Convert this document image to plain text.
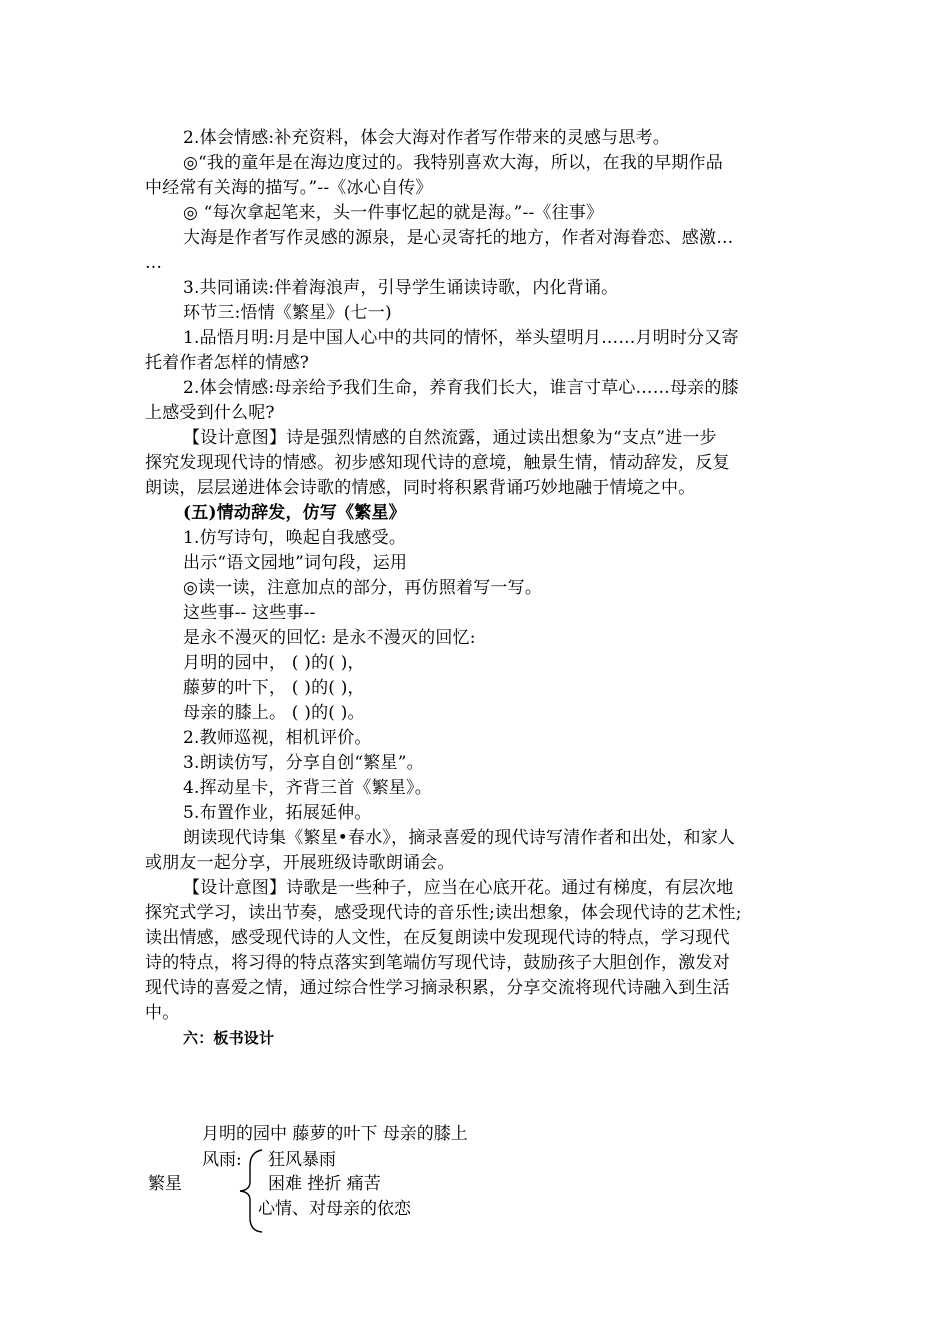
2.体会情感:补充资料，体会大海对作者写作带来的灵感与思考。
◎“我的童年是在海边度过的。我特别喜欢大海，所以，在我的早期作品
中经常有关海的描写。”--《冰心自传》
◎ “每次拿起笔来，头一件事忆起的就是海。”--《往事》
大海是作者写作灵感的源泉，是心灵寄托的地方，作者对海眷恋、感激…
…
3.共同诵读:伴着海浪声，引导学生诵读诗歌，内化背诵。
环节三:悟情《繁星》(七一)
1.品悟月明:月是中国人心中的共同的情怀，举头望明月……月明时分又寄
托着作者怎样的情感?
2.体会情感:母亲给予我们生命，养育我们长大，谁言寸草心……母亲的膝
上感受到什么呢?
【设计意图】诗是强烈情感的自然流露，通过读出想象为“支点”进一步
探究发现现代诗的情感。初步感知现代诗的意境，触景生情，情动辞发，反复
朗读，层层递进体会诗歌的情感，同时将积累背诵巧妙地融于情境之中。
(五)情动辞发，仿写《繁星》
1.仿写诗句，唤起自我感受。
出示“语文园地”词句段，运用
◎读一读，注意加点的部分，再仿照着写一写。
这些事-- 这些事--
是永不漫灭的回忆: 是永不漫灭的回忆:
月明的园中， ( )的( )，
藤萝的叶下， ( )的( )，
母亲的膝上。 ( )的( )。
2.教师巡视，相机评价。
3.朗读仿写，分享自创“繁星”。
4.挥动星卡，齐背三首《繁星》。
5.布置作业，拓展延伸。
朗读现代诗集《繁星•春水》，摘录喜爱的现代诗写清作者和出处，和家人
或朋友一起分享，开展班级诗歌朗诵会。
【设计意图】诗歌是一些种子，应当在心底开花。通过有梯度，有层次地
探究式学习，读出节奏，感受现代诗的音乐性;读出想象，体会现代诗的艺术性;
读出情感，感受现代诗的人文性，在反复朗读中发现现代诗的特点，学习现代
诗的特点，将习得的特点落实到笔端仿写现代诗，鼓励孩子大胆创作，激发对
现代诗的喜爱之情，通过综合性学习摘录积累，分享交流将现代诗融入到生活
中。
六：板书设计
月明的园中 藤萝的叶下 母亲的膝上
风雨:
繁星
狂风暴雨
困难 挫折 痛苦
心情、对母亲的依恋
